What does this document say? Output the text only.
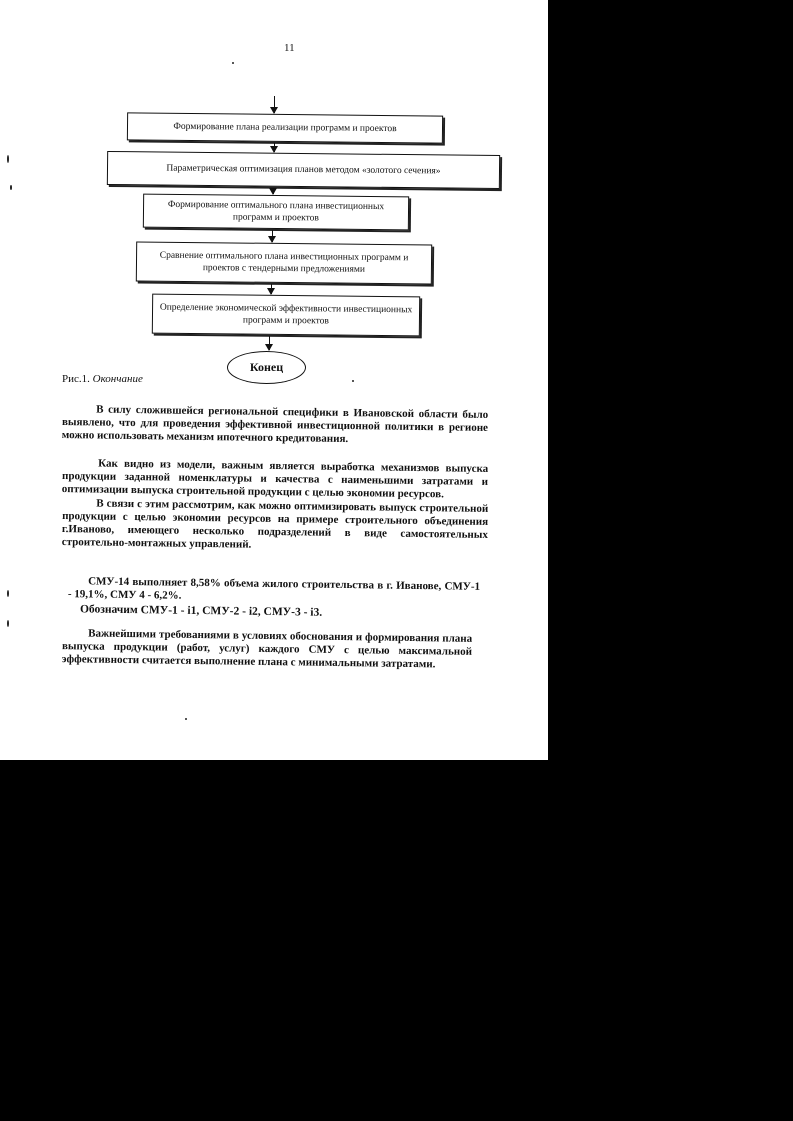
11
Формирование плана реализации программ и проектов
Параметрическая оптимизация планов методом «золотого сечения»
Формирование оптимального плана инвестиционных программ и проектов
Сравнение оптимального плана инвестиционных программ и проектов с тендерными предложениями
Определение экономической эффективности инвестиционных программ и проектов
Конец
Рис.1. Окончание
В силу сложившейся региональной специфики в Ивановской области было выявлено, что для проведения эффективной инвестиционной политики в регионе можно использовать механизм ипотечного кредитования.
Как видно из модели, важным является выработка механизмов выпуска продукции заданной номенклатуры и качества с наименьшими затратами и оптимизации выпуска строительной продукции с целью экономии ресурсов.
В связи с этим рассмотрим, как можно оптимизировать выпуск строительной продукции с целью экономии ресурсов на примере строительного объединения г.Иваново, имеющего несколько подразделений в виде самостоятельных строительно-монтажных управлений.
СМУ-14 выполняет 8,58% объема жилого строительства в г. Иванове, СМУ-1 - 19,1%, СМУ 4 - 6,2%.
Обозначим СМУ-1 - i1, СМУ-2 - i2, СМУ-3 - i3.
Важнейшими требованиями в условиях обоснования и формирования плана выпуска продукции (работ, услуг) каждого СМУ с целью максимальной эффективности считается выполнение плана с минимальными затратами.
